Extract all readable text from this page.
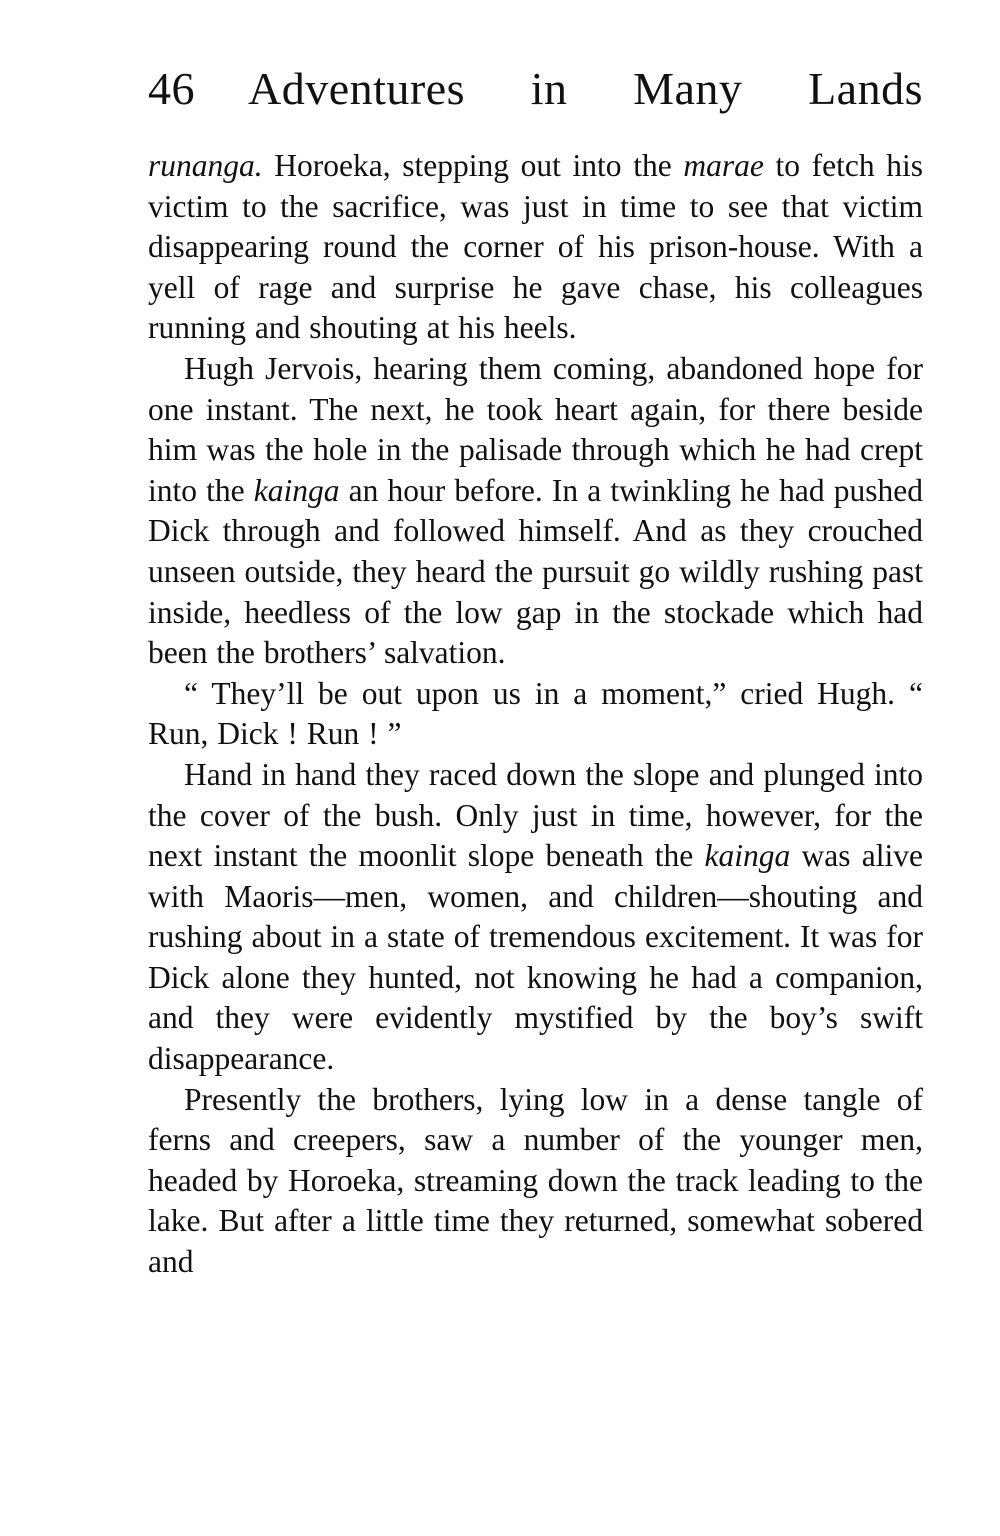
46	Adventures in Many Lands

runanga. Horoeka, stepping out into the marae to fetch his victim to the sacrifice, was just in time to see that victim disappearing round the corner of his prison-house. With a yell of rage and surprise he gave chase, his colleagues running and shouting at his heels.

Hugh Jervois, hearing them coming, abandoned hope for one instant. The next, he took heart again, for there beside him was the hole in the palisade through which he had crept into the kainga an hour before. In a twinkling he had pushed Dick through and followed himself. And as they crouched unseen outside, they heard the pursuit go wildly rushing past inside, heedless of the low gap in the stockade which had been the brothers’ salvation.

“ They’ll be out upon us in a moment,” cried Hugh. “ Run, Dick ! Run ! ”

Hand in hand they raced down the slope and plunged into the cover of the bush. Only just in time, however, for the next instant the moonlit slope beneath the kainga was alive with Maoris—men, women, and children—shouting and rushing about in a state of tremendous excitement. It was for Dick alone they hunted, not knowing he had a companion, and they were evidently mystified by the boy’s swift disappearance.

Presently the brothers, lying low in a dense tangle of ferns and creepers, saw a number of the younger men, headed by Horoeka, streaming down the track leading to the lake. But after a little time they returned, somewhat sobered and
